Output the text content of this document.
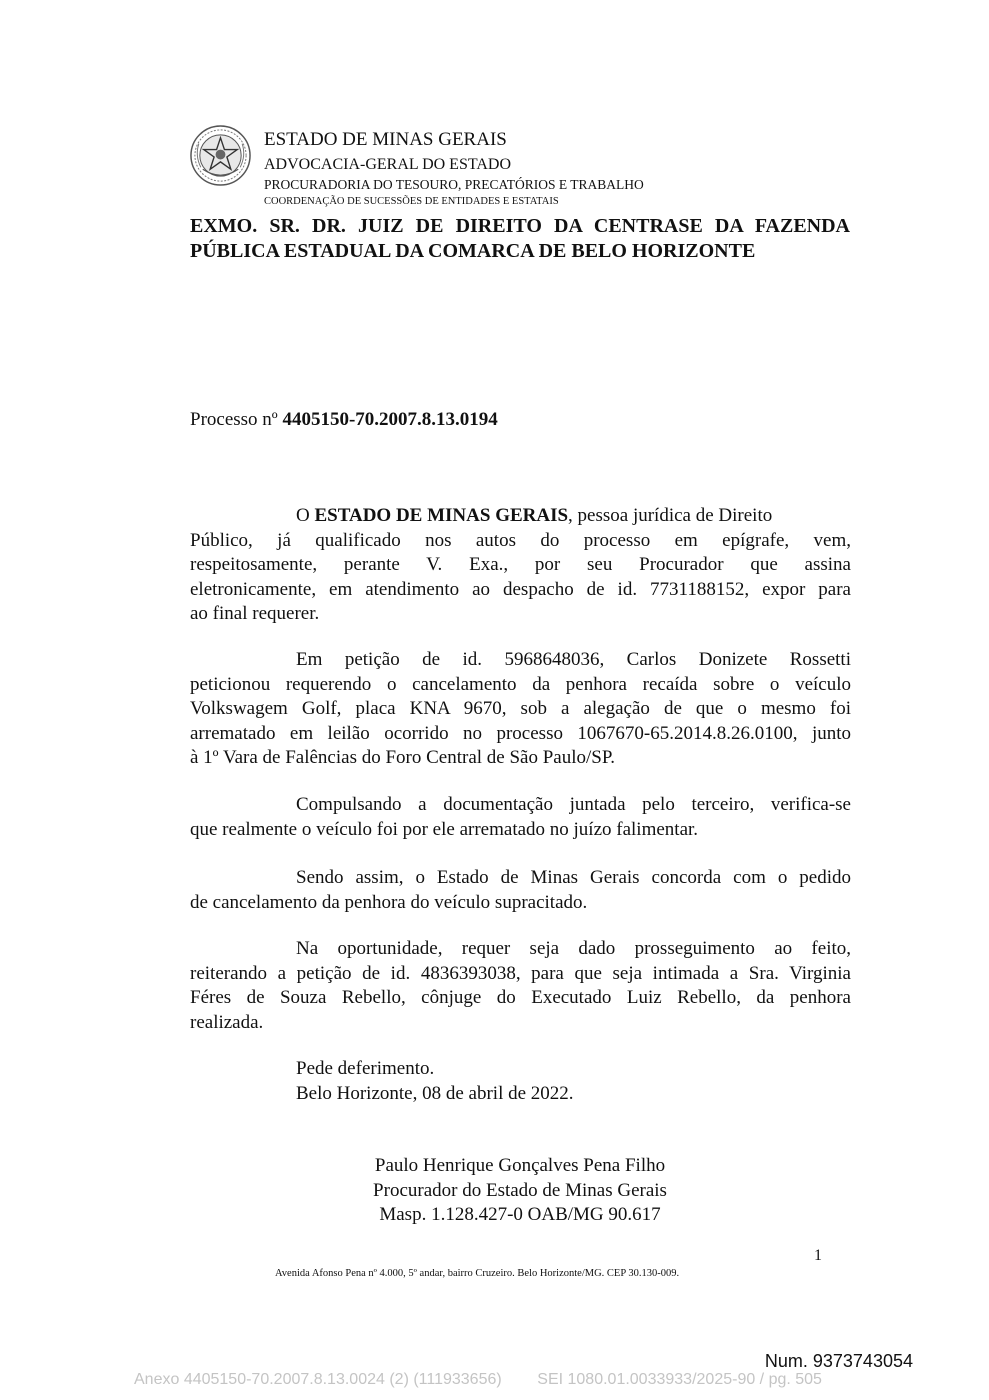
ESTADO DE MINAS GERAIS
ADVOCACIA-GERAL DO ESTADO
PROCURADORIA DO TESOURO, PRECATÓRIOS E TRABALHO
COORDENAÇÃO DE SUCESSÕES DE ENTIDADES E ESTATAIS
EXMO. SR. DR. JUIZ DE DIREITO DA CENTRASE DA FAZENDA
PÚBLICA ESTADUAL DA COMARCA DE BELO HORIZONTE
Processo nº 4405150-70.2007.8.13.0194
O ESTADO DE MINAS GERAIS, pessoa jurídica de Direito
Público, já qualificado nos autos do processo em epígrafe, vem,
respeitosamente, perante V. Exa., por seu Procurador que assina
eletronicamente, em atendimento ao despacho de id. 7731188152, expor para
ao final requerer.
Em petição de id. 5968648036, Carlos Donizete Rossetti
peticionou requerendo o cancelamento da penhora recaída sobre o veículo
Volkswagem Golf, placa KNA 9670, sob a alegação de que o mesmo foi
arrematado em leilão ocorrido no processo 1067670-65.2014.8.26.0100, junto
à 1º Vara de Falências do Foro Central de São Paulo/SP.
Compulsando a documentação juntada pelo terceiro, verifica-se
que realmente o veículo foi por ele arrematado no juízo falimentar.
Sendo assim, o Estado de Minas Gerais concorda com o pedido
de cancelamento da penhora do veículo supracitado.
Na oportunidade, requer seja dado prosseguimento ao feito,
reiterando a petição de id. 4836393038, para que seja intimada a Sra. Virginia
Féres de Souza Rebello, cônjuge do Executado Luiz Rebello, da penhora
realizada.
Pede deferimento.
Belo Horizonte, 08 de abril de 2022.
Paulo Henrique Gonçalves Pena Filho
Procurador do Estado de Minas Gerais
Masp. 1.128.427-0 OAB/MG 90.617
1
Avenida Afonso Pena nº 4.000, 5º andar, bairro Cruzeiro. Belo Horizonte/MG. CEP 30.130-009.
Num. 9373743054
Anexo 4405150-70.2007.8.13.0024 (2) (111933656)        SEI 1080.01.0033933/2025-90 / pg. 505
